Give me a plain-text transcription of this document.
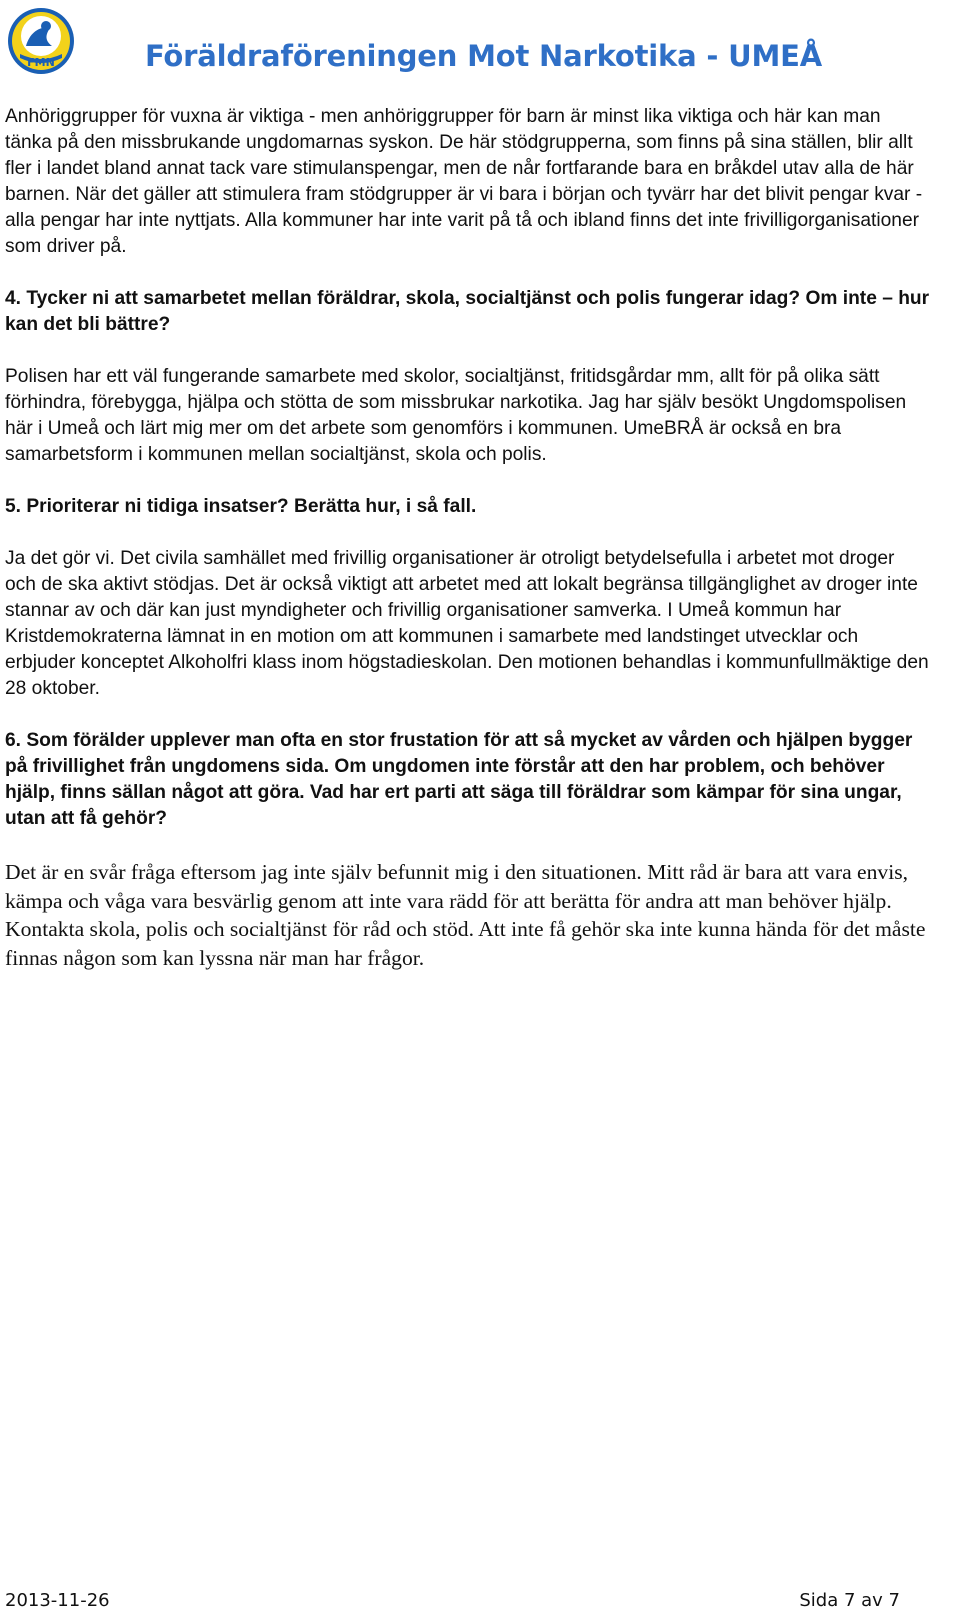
FMN	Föräldraföreningen Mot Narkotika - UMEÅ

Anhöriggrupper för vuxna är viktiga - men anhöriggrupper för barn är minst lika viktiga och här kan man tänka på den missbrukande ungdomarnas syskon. De här stödgrupperna, som finns på sina ställen, blir allt fler i landet bland annat tack vare stimulanspengar, men de når fortfarande bara en bråkdel utav alla de här barnen. När det gäller att stimulera fram stödgrupper är vi bara i början och tyvärr har det blivit pengar kvar - alla pengar har inte nyttjats. Alla kommuner har inte varit på tå och ibland finns det inte frivilligorganisationer som driver på.

4. Tycker ni att samarbetet mellan föräldrar, skola, socialtjänst och polis fungerar idag? Om inte – hur kan det bli bättre?

Polisen har ett väl fungerande samarbete med skolor, socialtjänst, fritidsgårdar mm, allt för på olika sätt förhindra, förebygga, hjälpa och stötta de som missbrukar narkotika. Jag har själv besökt Ungdomspolisen här i Umeå och lärt mig mer om det arbete som genomförs i kommunen. UmeBRÅ är också en bra samarbetsform i kommunen mellan socialtjänst, skola och polis.

5. Prioriterar ni tidiga insatser? Berätta hur, i så fall.

Ja det gör vi. Det civila samhället med frivillig organisationer är otroligt betydelsefulla i arbetet mot droger och de ska aktivt stödjas. Det är också viktigt att arbetet med att lokalt begränsa tillgänglighet av droger inte stannar av och där kan just myndigheter och frivillig organisationer samverka. I Umeå kommun har Kristdemokraterna lämnat in en motion om att kommunen i samarbete med landstinget utvecklar och erbjuder konceptet Alkoholfri klass inom högstadieskolan. Den motionen behandlas i kommunfullmäktige den 28 oktober.

6. Som förälder upplever man ofta en stor frustation för att så mycket av vården och hjälpen bygger på frivillighet från ungdomens sida. Om ungdomen inte förstår att den har problem, och behöver hjälp, finns sällan något att göra. Vad har ert parti att säga till föräldrar som kämpar för sina ungar, utan att få gehör?

Det är en svår fråga eftersom jag inte själv befunnit mig i den situationen. Mitt råd är bara att vara envis, kämpa och våga vara besvärlig genom att inte vara rädd för att berätta för andra att man behöver hjälp. Kontakta skola, polis och socialtjänst för råd och stöd. Att inte få gehör ska inte kunna hända för det måste finnas någon som kan lyssna när man har frågor.

2013-11-26	Sida 7 av 7
